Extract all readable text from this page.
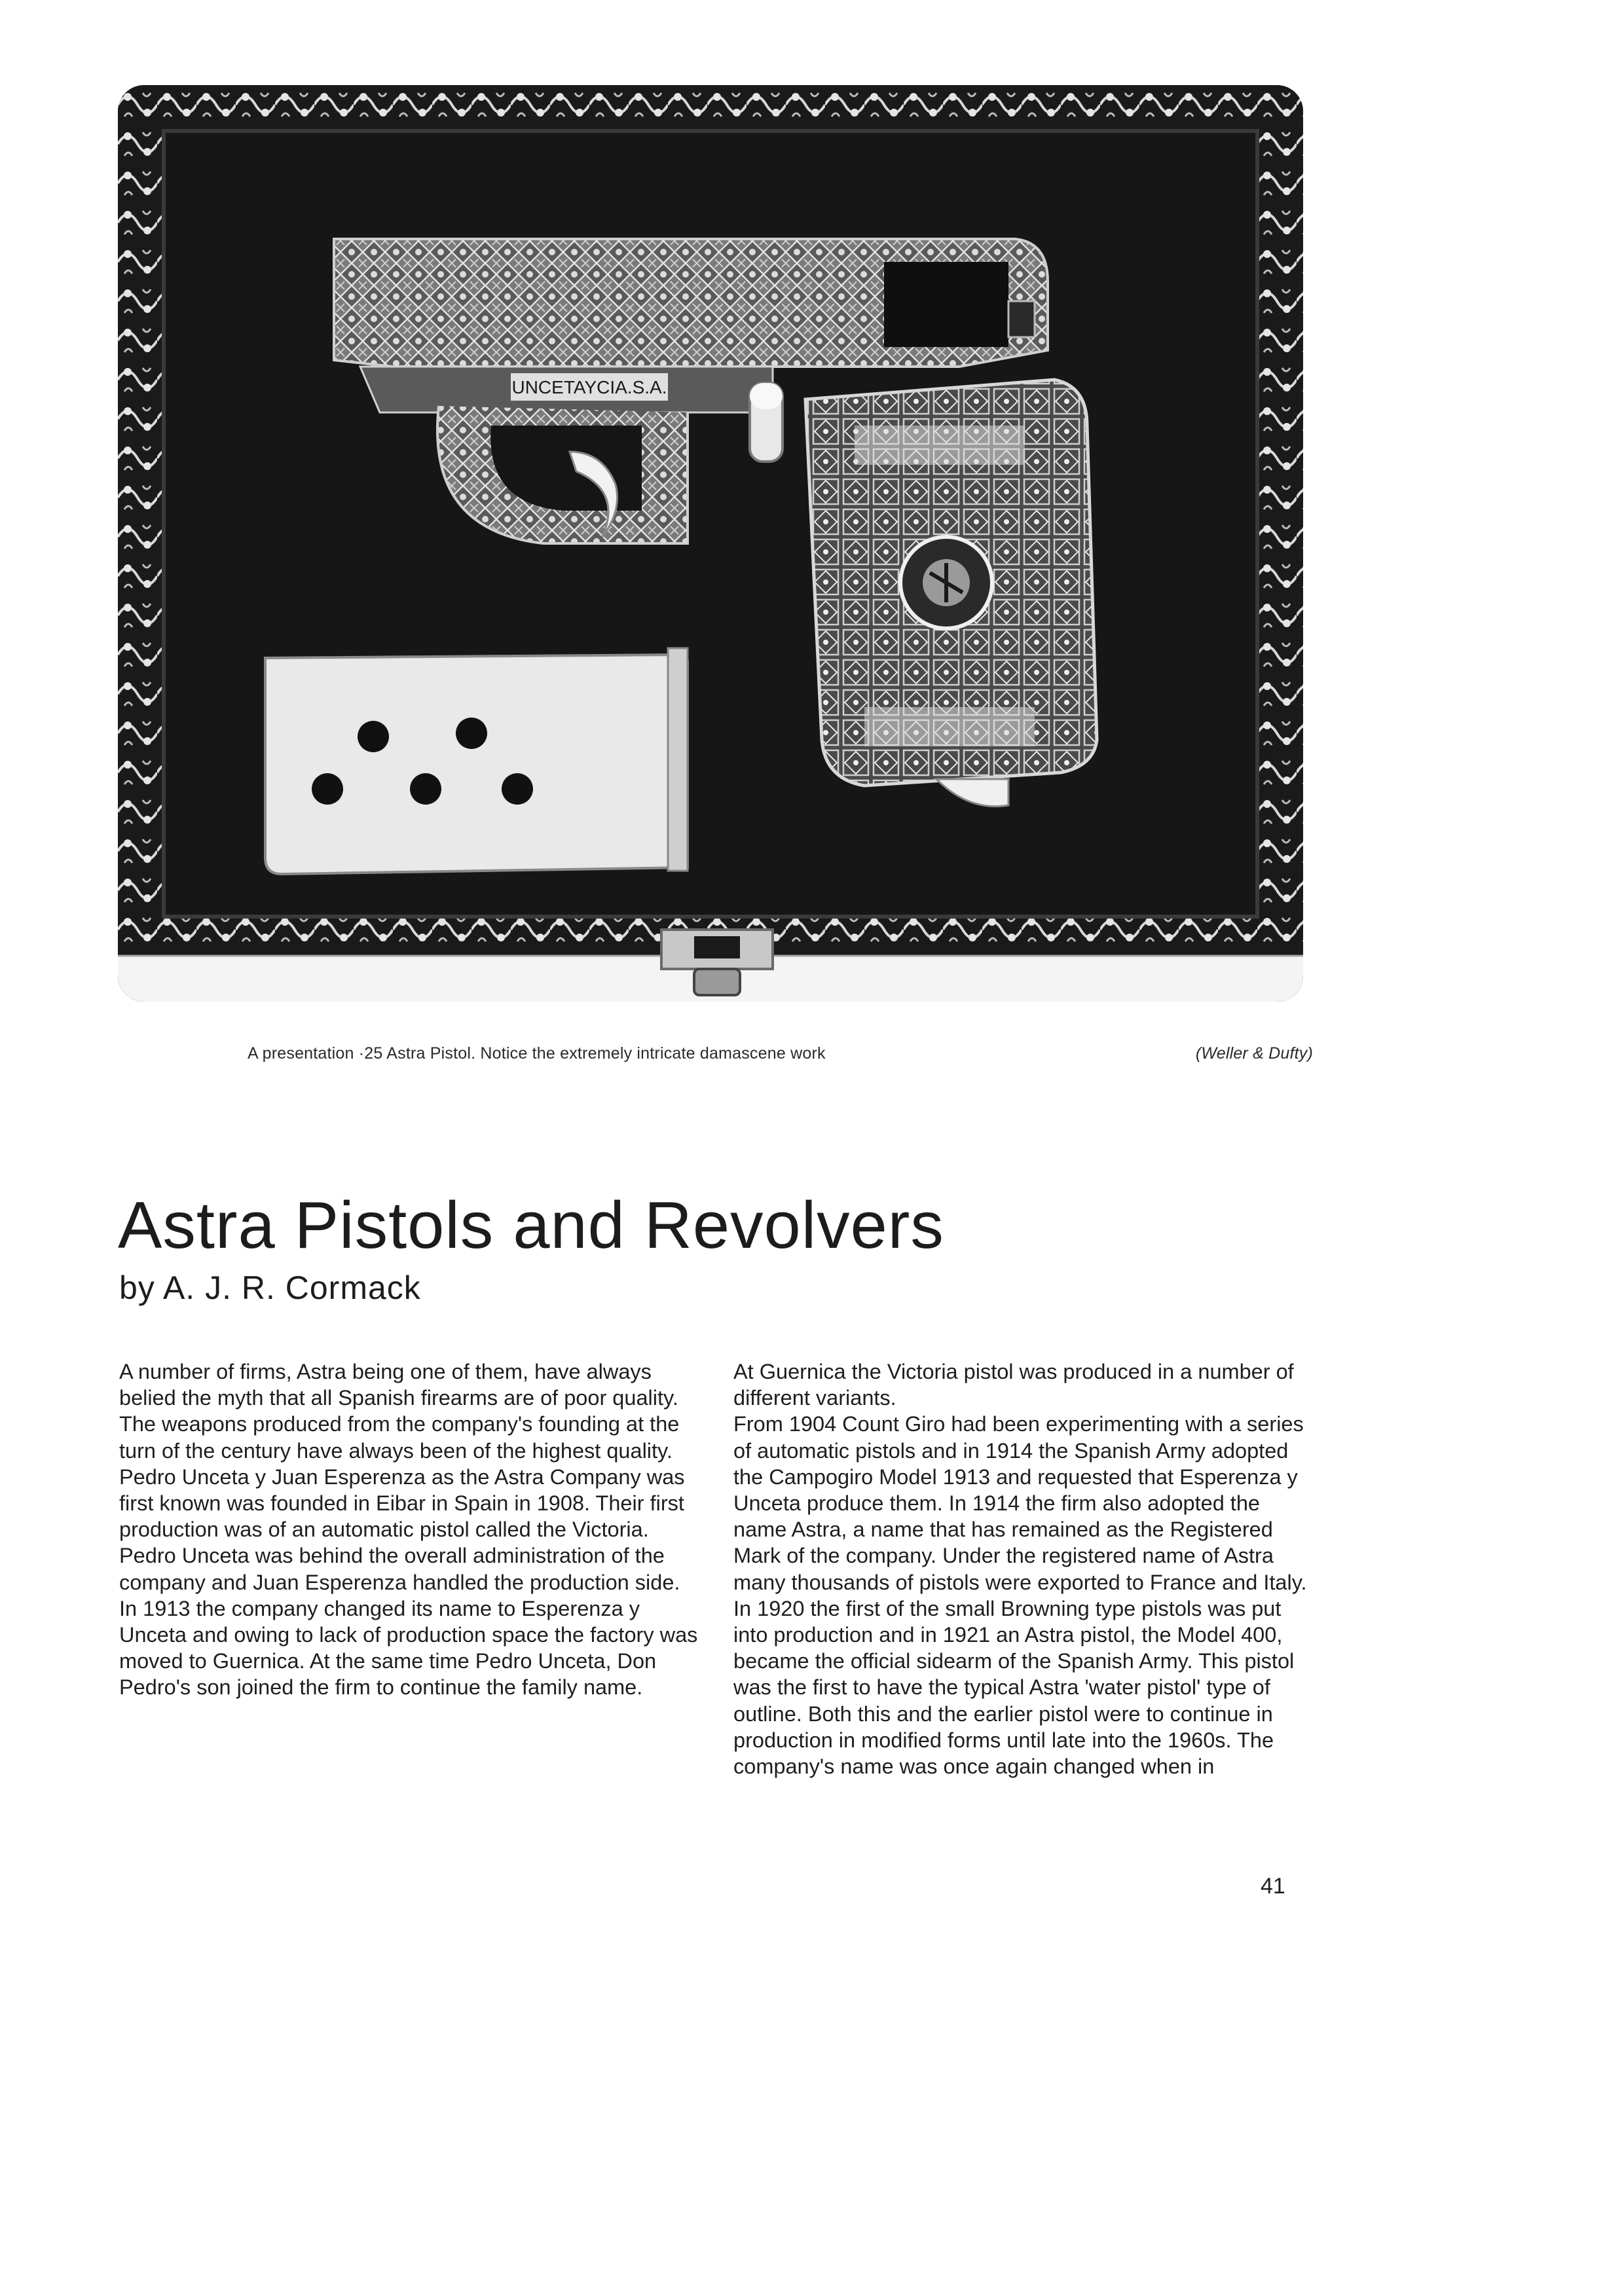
UNCETAYCIA.S.A.
A presentation ·25 Astra Pistol. Notice the extremely intricate damascene work	(Weller & Dufty)
Astra Pistols and Revolvers
by A. J. R. Cormack

A number of firms, Astra being one of them, have always belied the myth that all Spanish firearms are of poor quality. The weapons produced from the company's founding at the turn of the century have always been of the highest quality.

Pedro Unceta y Juan Esperenza as the Astra Company was first known was founded in Eibar in Spain in 1908. Their first production was of an automatic pistol called the Victoria. Pedro Unceta was behind the overall administration of the company and Juan Esperenza handled the production side.

In 1913 the company changed its name to Esperenza y Unceta and owing to lack of production space the factory was moved to Guernica. At the same time Pedro Unceta, Don Pedro's son joined the firm to continue the family name.

At Guernica the Victoria pistol was produced in a number of different variants.

From 1904 Count Giro had been experimenting with a series of automatic pistols and in 1914 the Spanish Army adopted the Campogiro Model 1913 and requested that Esperenza y Unceta produce them. In 1914 the firm also adopted the name Astra, a name that has remained as the Registered Mark of the company. Under the registered name of Astra many thousands of pistols were exported to France and Italy. In 1920 the first of the small Browning type pistols was put into production and in 1921 an Astra pistol, the Model 400, became the official sidearm of the Spanish Army. This pistol was the first to have the typical Astra 'water pistol' type of outline. Both this and the earlier pistol were to continue in production in modified forms until late into the 1960s. The company's name was once again changed when in

41
